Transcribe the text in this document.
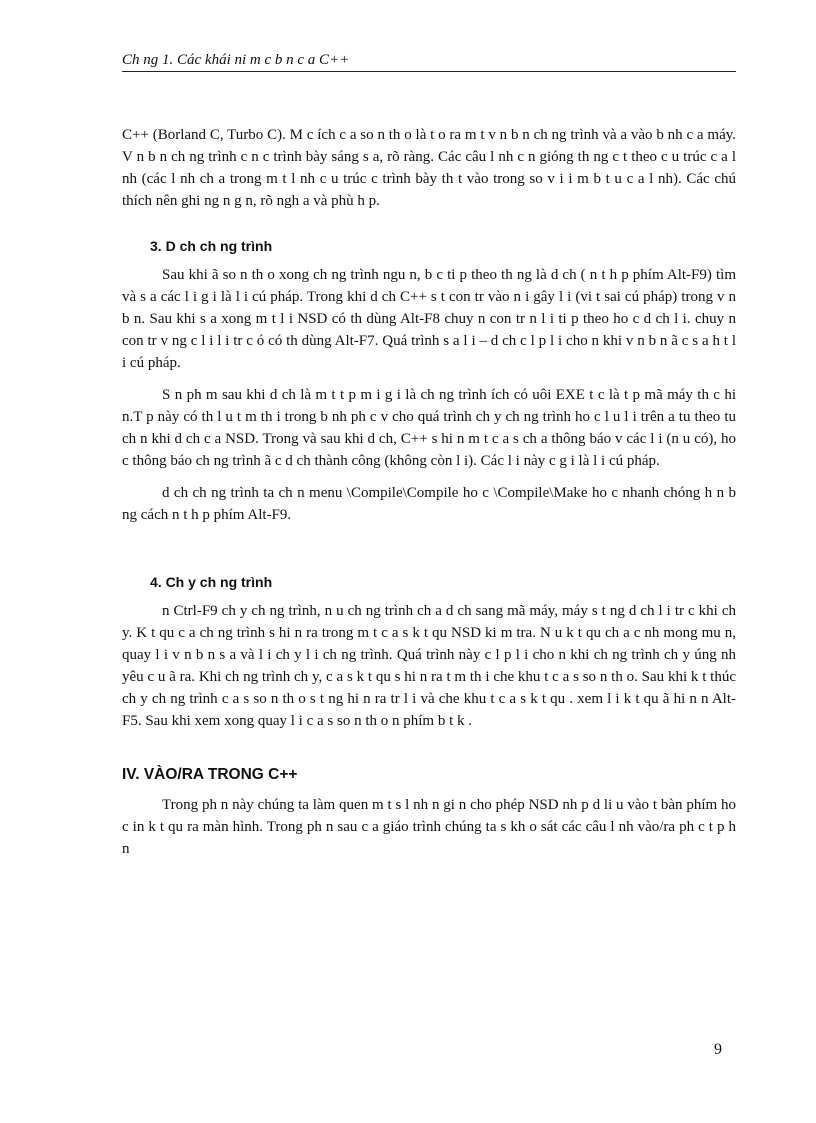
Ch ng 1. Các khái ni m c b n c a C++

C++ (Borland C, Turbo C). M c ích c a so n th o là t o ra m t v n b n ch ng trình và a vào b nh c a máy. V n b n ch ng trình c n c trình bày sáng s a, rõ ràng. Các câu l nh c n gióng th ng c t theo c u trúc c a l nh (các l nh ch a trong m t l nh c u trúc c trình bày th t vào trong so v i i m b t u c a l nh). Các chú thích nên ghi ng n g n, rõ ngh a và phù h p.

3. D ch ch ng trình

Sau khi ã so n th o xong ch ng trình ngu n, b c ti p theo th ng là d ch ( n t h p phím Alt-F9) tìm và s a các l i g i là l i cú pháp. Trong khi d ch C++ s t con tr vào n i gây l i (vi t sai cú pháp) trong v n b n. Sau khi s a xong m t l i NSD có th dùng Alt-F8 chuy n con tr n l i ti p theo ho c d ch l i. chuy n con tr v ng c l i l i tr c ó có th dùng Alt-F7. Quá trình s a l i – d ch c l p l i cho n khi v n b n ã c s a h t l i cú pháp.

S n ph m sau khi d ch là m t t p m i g i là ch ng trình ích có uôi EXE t c là t p mã máy th c hi n.T p này có th l u t m th i trong b nh ph c v cho quá trình ch y ch ng trình ho c l u l i trên a tu theo tu ch n khi d ch c a NSD. Trong và sau khi d ch, C++ s hi n m t c a s ch a thông báo v các l i (n u có), ho c thông báo ch ng trình ã c d ch thành công (không còn l i). Các l i này c g i là l i cú pháp.

d ch ch ng trình ta ch n menu \Compile\Compile ho c \Compile\Make ho c nhanh chóng h n b ng cách n t h p phím Alt-F9.

4. Ch y ch ng trình

n Ctrl-F9 ch y ch ng trình, n u ch ng trình ch a d ch sang mã máy, máy s t ng d ch l i tr c khi ch y. K t qu c a ch ng trình s hi n ra trong m t c a s k t qu NSD ki m tra. N u k t qu ch a c nh mong mu n, quay l i v n b n s a và l i ch y l i ch ng trình. Quá trình này c l p l i cho n khi ch ng trình ch y úng nh yêu c u ã ra. Khi ch ng trình ch y, c a s k t qu s hi n ra t m th i che khu t c a s so n th o. Sau khi k t thúc ch y ch ng trình c a s so n th o s t ng hi n ra tr l i và che khu t c a s k t qu . xem l i k t qu ã hi n n Alt-F5. Sau khi xem xong quay l i c a s so n th o n phím b t k .

IV. VÀO/RA TRONG C++

Trong ph n này chúng ta làm quen m t s l nh n gi n cho phép NSD nh p d li u vào t bàn phím ho c in k t qu ra màn hình. Trong ph n sau c a giáo trình chúng ta s kh o sát các câu l nh vào/ra ph c t p h n

9
